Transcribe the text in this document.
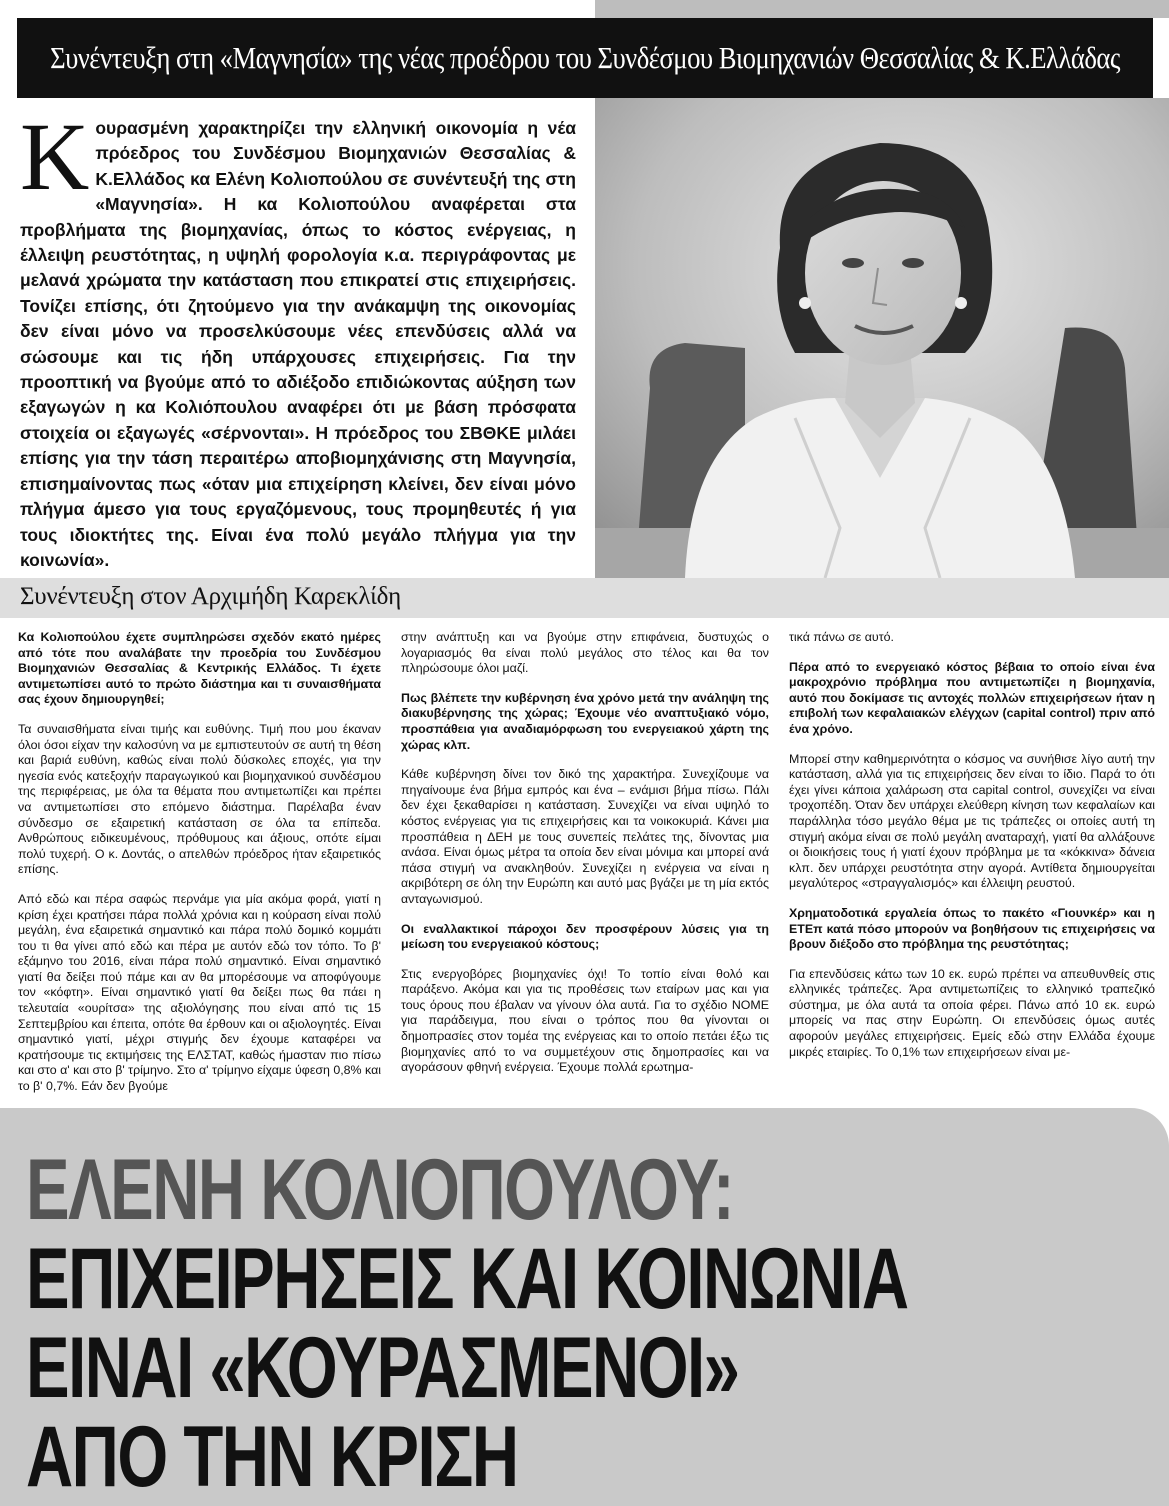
Συνέντευξη στη «Μαγνησία» της νέας προέδρου του Συνδέσμου Βιομηχανιών Θεσσαλίας & Κ.Ελλάδας
Κουρασμένη χαρακτηρίζει την ελληνική οικονομία η νέα πρόεδρος του Συνδέσμου Βιομηχανιών Θεσσαλίας & Κ.Ελλάδος κα Ελένη Κολιοπούλου σε συνέντευξή της στη «Μαγνησία». Η κα Κολιοπούλου αναφέρεται στα προβλήματα της βιομηχανίας, όπως το κόστος ενέργειας, η έλλειψη ρευστότητας, η υψηλή φορολογία κ.α. περιγράφοντας με μελανά χρώματα την κατάσταση που επικρατεί στις επιχειρήσεις. Τονίζει επίσης, ότι ζητούμενο για την ανάκαμψη της οικονομίας δεν είναι μόνο να προσελκύσουμε νέες επενδύσεις αλλά να σώσουμε και τις ήδη υπάρχουσες επιχειρήσεις. Για την προοπτική να βγούμε από το αδιέξοδο επιδιώκοντας αύξηση των εξαγωγών η κα Κολιόπουλου αναφέρει ότι με βάση πρόσφατα στοιχεία οι εξαγωγές «σέρνονται». Η πρόεδρος του ΣΒΘΚΕ μιλάει επίσης για την τάση περαιτέρω αποβιομηχάνισης στη Μαγνησία, επισημαίνοντας πως «όταν μια επιχείρηση κλείνει, δεν είναι μόνο πλήγμα άμεσο για τους εργαζόμενους, τους προμηθευτές ή για τους ιδιοκτήτες της. Είναι ένα πολύ μεγάλο πλήγμα για την κοινωνία».
Συνέντευξη στον Αρχιμήδη Καρεκλίδη

Κα Κολιοπούλου έχετε συμπληρώσει σχεδόν εκατό ημέρες από τότε που αναλάβατε την προεδρία του Συνδέσμου Βιομηχανιών Θεσσαλίας & Κεντρικής Ελλάδος. Τι έχετε αντιμετωπίσει αυτό το πρώτο διάστημα και τι συναισθήματα σας έχουν δημιουργηθεί;

Τα συναισθήματα είναι τιμής και ευθύνης. Τιμή που μου έκαναν όλοι όσοι είχαν την καλοσύνη να με εμπιστευτούν σε αυτή τη θέση και βαριά ευθύνη, καθώς είναι πολύ δύσκολες εποχές, για την ηγεσία ενός κατεξοχήν παραγωγικού και βιομηχανικού συνδέσμου της περιφέρειας, με όλα τα θέματα που αντιμετωπίζει και πρέπει να αντιμετωπίσει στο επόμενο διάστημα. Παρέλαβα έναν σύνδεσμο σε εξαιρετική κατάσταση σε όλα τα επίπεδα. Ανθρώπους ειδικευμένους, πρόθυμους και άξιους, οπότε είμαι πολύ τυχερή. Ο κ. Δοντάς, ο απελθών πρόεδρος ήταν εξαιρετικός επίσης.

Από εδώ και πέρα σαφώς περνάμε για μία ακόμα φορά, γιατί η κρίση έχει κρατήσει πάρα πολλά χρόνια και η κούραση είναι πολύ μεγάλη, ένα εξαιρετικά σημαντικό και πάρα πολύ δομικό κομμάτι του τι θα γίνει από εδώ και πέρα με αυτόν εδώ τον τόπο. Το β' εξάμηνο του 2016, είναι πάρα πολύ σημαντικό. Είναι σημαντικό γιατί θα δείξει πού πάμε και αν θα μπορέσουμε να αποφύγουμε τον «κόφτη». Είναι σημαντικό γιατί θα δείξει πως θα πάει η τελευταία «ουρίτσα» της αξιολόγησης που είναι από τις 15 Σεπτεμβρίου και έπειτα, οπότε θα έρθουν και οι αξιολογητές. Είναι σημαντικό γιατί, μέχρι στιγμής δεν έχουμε καταφέρει να κρατήσουμε τις εκτιμήσεις της ΕΛΣΤΑΤ, καθώς ήμασταν πιο πίσω και στο α' και στο β' τρίμηνο. Στο α' τρίμηνο είχαμε ύφεση 0,8% και το β' 0,7%. Εάν δεν βγούμε

στην ανάπτυξη και να βγούμε στην επιφάνεια, δυστυχώς ο λογαριασμός θα είναι πολύ μεγάλος στο τέλος και θα τον πληρώσουμε όλοι μαζί.

Πως βλέπετε την κυβέρνηση ένα χρόνο μετά την ανάληψη της διακυβέρνησης της χώρας; Έχουμε νέο αναπτυξιακό νόμο, προσπάθεια για αναδιαμόρφωση του ενεργειακού χάρτη της χώρας κλπ.

Κάθε κυβέρνηση δίνει τον δικό της χαρακτήρα. Συνεχίζουμε να πηγαίνουμε ένα βήμα εμπρός και ένα – ενάμισι βήμα πίσω. Πάλι δεν έχει ξεκαθαρίσει η κατάσταση. Συνεχίζει να είναι υψηλό το κόστος ενέργειας για τις επιχειρήσεις και τα νοικοκυριά. Κάνει μια προσπάθεια η ΔΕΗ με τους συνεπείς πελάτες της, δίνοντας μια ανάσα. Είναι όμως μέτρα τα οποία δεν είναι μόνιμα και μπορεί ανά πάσα στιγμή να ανακληθούν. Συνεχίζει η ενέργεια να είναι η ακριβότερη σε όλη την Ευρώπη και αυτό μας βγάζει με τη μία εκτός ανταγωνισμού.

Οι εναλλακτικοί πάροχοι δεν προσφέρουν λύσεις για τη μείωση του ενεργειακού κόστους;

Στις ενεργοβόρες βιομηχανίες όχι! Το τοπίο είναι θολό και παράξενο. Ακόμα και για τις προθέσεις των εταίρων μας και για τους όρους που έβαλαν να γίνουν όλα αυτά. Για το σχέδιο ΝΟΜΕ για παράδειγμα, που είναι ο τρόπος που θα γίνονται οι δημοπρασίες στον τομέα της ενέργειας και το οποίο πετάει έξω τις βιομηχανίες από το να συμμετέχουν στις δημοπρασίες και να αγοράσουν φθηνή ενέργεια. Έχουμε πολλά ερωτημα-

τικά πάνω σε αυτό.

Πέρα από το ενεργειακό κόστος βέβαια το οποίο είναι ένα μακροχρόνιο πρόβλημα που αντιμετωπίζει η βιομηχανία, αυτό που δοκίμασε τις αντοχές πολλών επιχειρήσεων ήταν η επιβολή των κεφαλαιακών ελέγχων (capital control) πριν από ένα χρόνο.

Μπορεί στην καθημερινότητα ο κόσμος να συνήθισε λίγο αυτή την κατάσταση, αλλά για τις επιχειρήσεις δεν είναι το ίδιο. Παρά το ότι έχει γίνει κάποια χαλάρωση στα capital control, συνεχίζει να είναι τροχοπέδη. Όταν δεν υπάρχει ελεύθερη κίνηση των κεφαλαίων και παράλληλα τόσο μεγάλο θέμα με τις τράπεζες οι οποίες αυτή τη στιγμή ακόμα είναι σε πολύ μεγάλη αναταραχή, γιατί θα αλλάξουνε οι διοικήσεις τους ή γιατί έχουν πρόβλημα με τα «κόκκινα» δάνεια κλπ. δεν υπάρχει ρευστότητα στην αγορά. Αντίθετα δημιουργείται μεγαλύτερος «στραγγαλισμός» και έλλειψη ρευστού.

Χρηματοδοτικά εργαλεία όπως το πακέτο «Γιουνκέρ» και η ΕΤΕπ κατά πόσο μπορούν να βοηθήσουν τις επιχειρήσεις να βρουν διέξοδο στο πρόβλημα της ρευστότητας;

Για επενδύσεις κάτω των 10 εκ. ευρώ πρέπει να απευθυνθείς στις ελληνικές τράπεζες. Άρα αντιμετωπίζεις το ελληνικό τραπεζικό σύστημα, με όλα αυτά τα οποία φέρει. Πάνω από 10 εκ. ευρώ μπορείς να πας στην Ευρώπη. Οι επενδύσεις όμως αυτές αφορούν μεγάλες επιχειρήσεις. Εμείς εδώ στην Ελλάδα έχουμε μικρές εταιρίες. Το 0,1% των επιχειρήσεων είναι με-

ΕΛΕΝΗ ΚΟΛΙΟΠΟΥΛΟΥ:
ΕΠΙΧΕΙΡΗΣΕΙΣ ΚΑΙ ΚΟΙΝΩΝΙΑ
ΕΙΝΑΙ «ΚΟΥΡΑΣΜΕΝΟΙ»
ΑΠΟ ΤΗΝ ΚΡΙΣΗ
